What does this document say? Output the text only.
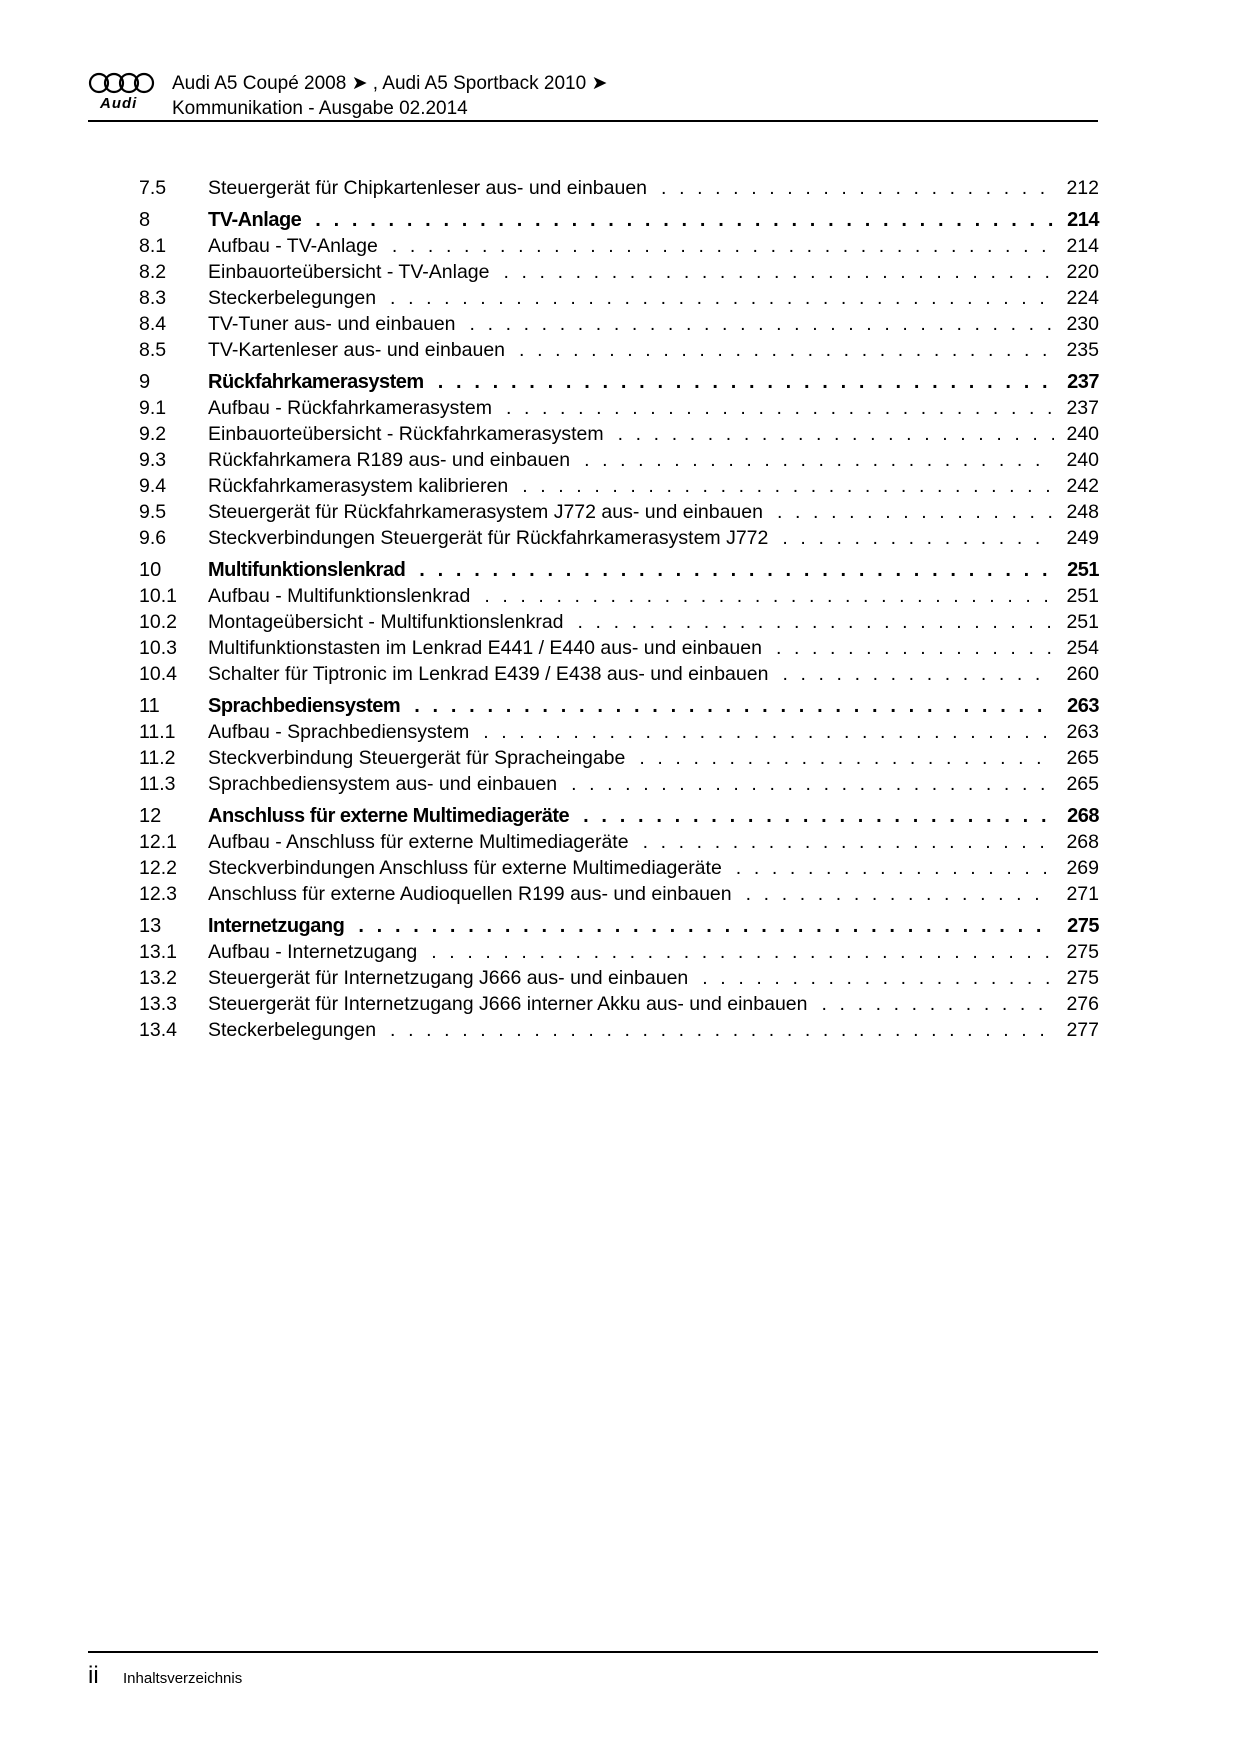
Audi
Audi A5 Coupé 2008 ➤ , Audi A5 Sportback 2010 ➤
Kommunikation - Ausgabe 02.2014
7.5	Steuergerät für Chipkartenleser aus- und einbauen . . .	212
8	TV-Anlage . . .	214
8.1	Aufbau - TV-Anlage . . .	214
8.2	Einbauorteübersicht - TV-Anlage . . .	220
8.3	Steckerbelegungen . . .	224
8.4	TV-Tuner aus- und einbauen . . .	230
8.5	TV-Kartenleser aus- und einbauen . . .	235
9	Rückfahrkamerasystem . . .	237
9.1	Aufbau - Rückfahrkamerasystem . . .	237
9.2	Einbauorteübersicht - Rückfahrkamerasystem . . .	240
9.3	Rückfahrkamera R189 aus- und einbauen . . .	240
9.4	Rückfahrkamerasystem kalibrieren . . .	242
9.5	Steuergerät für Rückfahrkamerasystem J772 aus- und einbauen . . .	248
9.6	Steckverbindungen Steuergerät für Rückfahrkamerasystem J772 . . .	249
10	Multifunktionslenkrad . . .	251
10.1	Aufbau - Multifunktionslenkrad . . .	251
10.2	Montageübersicht - Multifunktionslenkrad . . .	251
10.3	Multifunktionstasten im Lenkrad E441 / E440 aus- und einbauen . . .	254
10.4	Schalter für Tiptronic im Lenkrad E439 / E438 aus- und einbauen . . .	260
11	Sprachbediensystem . . .	263
11.1	Aufbau - Sprachbediensystem . . .	263
11.2	Steckverbindung Steuergerät für Spracheingabe . . .	265
11.3	Sprachbediensystem aus- und einbauen . . .	265
12	Anschluss für externe Multimediageräte . . .	268
12.1	Aufbau - Anschluss für externe Multimediageräte . . .	268
12.2	Steckverbindungen Anschluss für externe Multimediageräte . . .	269
12.3	Anschluss für externe Audioquellen R199 aus- und einbauen . . .	271
13	Internetzugang . . .	275
13.1	Aufbau - Internetzugang . . .	275
13.2	Steuergerät für Internetzugang J666 aus- und einbauen . . .	275
13.3	Steuergerät für Internetzugang J666 interner Akku aus- und einbauen . . .	276
13.4	Steckerbelegungen . . .	277
ii Inhaltsverzeichnis
